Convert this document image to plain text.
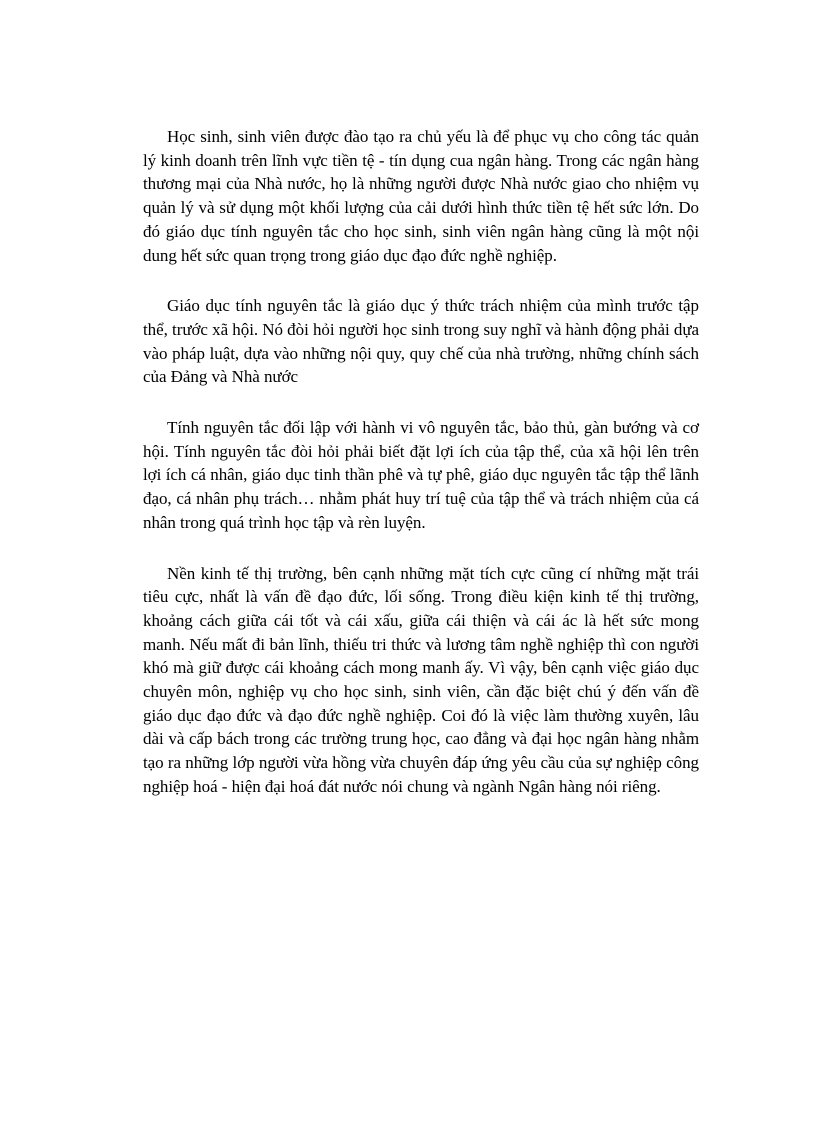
Học sinh, sinh viên được đào tạo ra chủ yếu là để phục vụ cho công tác quản lý kinh doanh trên lĩnh vực tiền tệ - tín dụng cua ngân hàng. Trong các ngân hàng thương mại của Nhà nước, họ là những người được Nhà nước giao cho nhiệm vụ quản lý và sử dụng một khối lượng của cải dưới hình thức tiền tệ hết sức lớn. Do đó giáo dục tính nguyên tắc cho học sinh, sinh viên ngân hàng cũng là một nội dung hết sức quan trọng trong giáo dục đạo đức nghề nghiệp.

Giáo dục tính nguyên tắc là giáo dục ý thức trách nhiệm của mình trước tập thể, trước xã hội. Nó đòi hỏi người học sinh trong suy nghĩ và hành động phải dựa vào pháp luật, dựa vào những nội quy, quy chế của nhà trường, những chính sách của Đảng và Nhà nước

Tính nguyên tắc đối lập với hành vi vô nguyên tắc, bảo thủ, gàn bướng và cơ hội. Tính nguyên tắc đòi hỏi phải biết đặt lợi ích của tập thể, của xã hội lên trên lợi ích cá nhân, giáo dục tinh thần phê và tự phê, giáo dục nguyên tắc tập thể lãnh đạo, cá nhân phụ trách… nhằm phát huy trí tuệ của tập thể và trách nhiệm của cá nhân trong quá trình học tập và rèn luyện.

Nền kinh tế thị trường, bên cạnh những mặt tích cực cũng cí những mặt trái tiêu cực, nhất là vấn đề đạo đức, lối sống. Trong điều kiện kinh tế thị trường, khoảng cách giữa cái tốt và cái xấu, giữa cái thiện và cái ác là hết sức mong manh. Nếu mất đi bản lĩnh, thiếu tri thức và lương tâm nghề nghiệp thì con người khó mà giữ được cái khoảng cách mong manh ấy. Vì vậy, bên cạnh việc giáo dục chuyên môn, nghiệp vụ cho học sinh, sinh viên, cần đặc biệt chú ý đến vấn đề giáo dục đạo đức và đạo đức nghề nghiệp. Coi đó là việc làm thường xuyên, lâu dài và cấp bách trong các trường trung học, cao đẳng và đại học ngân hàng nhằm tạo ra những lớp người vừa hồng vừa chuyên đáp ứng yêu cầu của sự nghiệp công nghiệp hoá - hiện đại hoá đát nước nói chung và ngành Ngân hàng nói riêng.
